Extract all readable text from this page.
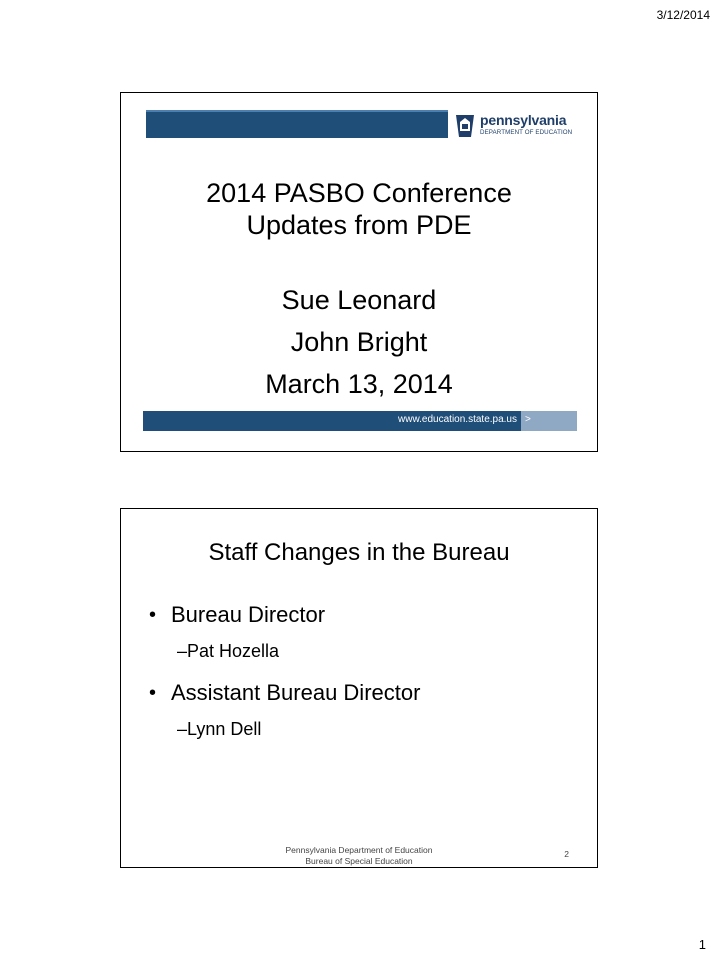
3/12/2014
pennsylvania
DEPARTMENT OF EDUCATION
2014 PASBO Conference
Updates from PDE
Sue Leonard
John Bright
March 13, 2014
www.education.state.pa.us >
Staff Changes in the Bureau
• Bureau Director
–Pat Hozella
• Assistant Bureau Director
–Lynn Dell
Pennsylvania Department of Education
Bureau of Special Education
2
1
